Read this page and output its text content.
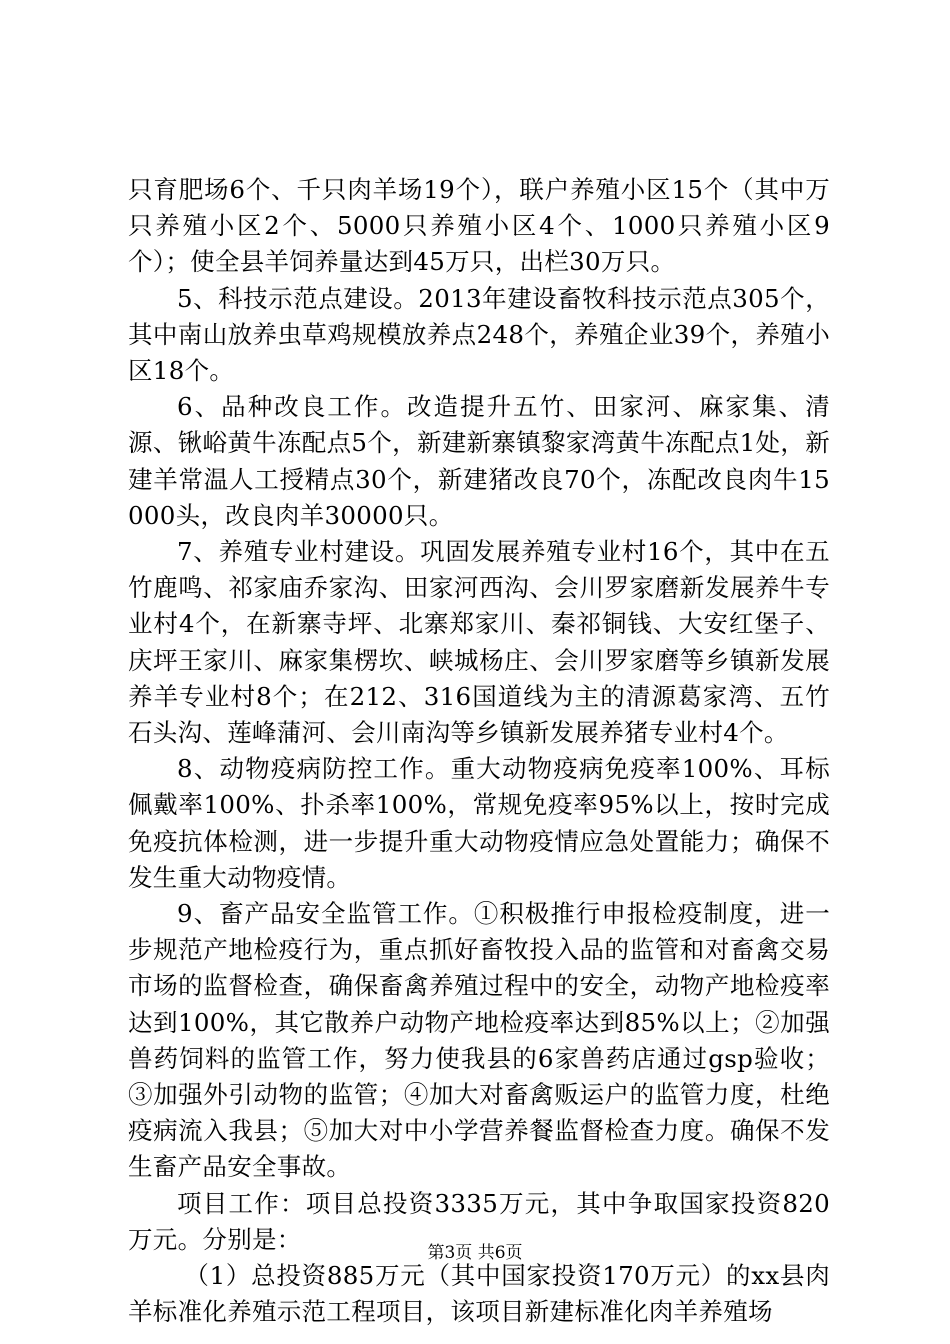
只育肥场6个、千只肉羊场19个），联户养殖小区15个（其中万只养殖小区2个、5000只养殖小区4个、1000只养殖小区9个）；使全县羊饲养量达到45万只，出栏30万只。

5、科技示范点建设。2013年建设畜牧科技示范点305个，其中南山放养虫草鸡规模放养点248个，养殖企业39个，养殖小区18个。

6、品种改良工作。改造提升五竹、田家河、麻家集、清源、锹峪黄牛冻配点5个，新建新寨镇黎家湾黄牛冻配点1处，新建羊常温人工授精点30个，新建猪改良70个，冻配改良肉牛15000头，改良肉羊30000只。

7、养殖专业村建设。巩固发展养殖专业村16个，其中在五竹鹿鸣、祁家庙乔家沟、田家河西沟、会川罗家磨新发展养牛专业村4个，在新寨寺坪、北寨郑家川、秦祁铜钱、大安红堡子、庆坪王家川、麻家集楞坎、峡城杨庄、会川罗家磨等乡镇新发展养羊专业村8个；在212、316国道线为主的清源葛家湾、五竹石头沟、莲峰蒲河、会川南沟等乡镇新发展养猪专业村4个。

8、动物疫病防控工作。重大动物疫病免疫率100%、耳标佩戴率100%、扑杀率100%，常规免疫率95%以上，按时完成免疫抗体检测，进一步提升重大动物疫情应急处置能力；确保不发生重大动物疫情。

9、畜产品安全监管工作。①积极推行申报检疫制度，进一步规范产地检疫行为，重点抓好畜牧投入品的监管和对畜禽交易市场的监督检查，确保畜禽养殖过程中的安全，动物产地检疫率达到100%，其它散养户动物产地检疫率达到85%以上；②加强兽药饲料的监管工作，努力使我县的6家兽药店通过gsp验收；③加强外引动物的监管；④加大对畜禽贩运户的监管力度，杜绝疫病流入我县；⑤加大对中小学营养餐监督检查力度。确保不发生畜产品安全事故。

项目工作：项目总投资3335万元，其中争取国家投资820万元。分别是：

（1）总投资885万元（其中国家投资170万元）的xx县肉羊标准化养殖示范工程项目，该项目新建标准化肉羊养殖场

第3页 共6页
